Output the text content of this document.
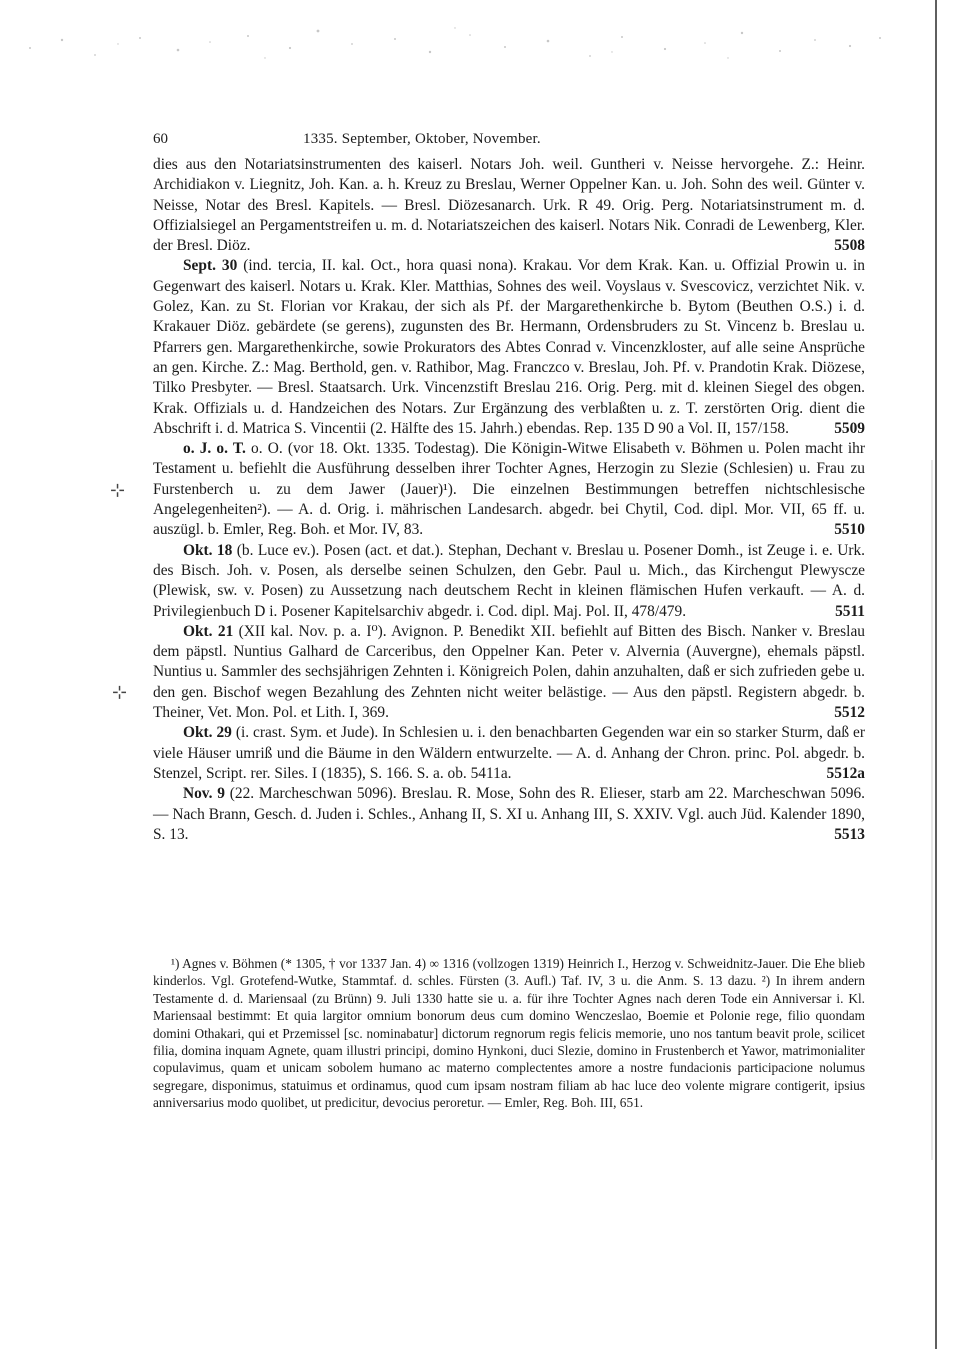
60	1335. September, Oktober, November.
⊹
⊹

dies aus den Notariatsinstrumenten des kaiserl. Notars Joh. weil. Guntheri v. Neisse hervorgehe. Z.: Heinr. Archidiakon v. Liegnitz, Joh. Kan. a. h. Kreuz zu Breslau, Werner Oppelner Kan. u. Joh. Sohn des weil. Günter v. Neisse, Notar des Bresl. Kapitels. — Bresl. Diözesanarch. Urk. R 49. Orig. Perg. Notariatsinstrument m. d. Offizialsiegel an Pergamentstreifen u. m. d. Notariatszeichen des kaiserl. Notars Nik. Conradi de Lewenberg, Kler. der Bresl. Diöz.	5508

Sept. 30 (ind. tercia, II. kal. Oct., hora quasi nona). Krakau. Vor dem Krak. Kan. u. Offizial Prowin u. in Gegenwart des kaiserl. Notars u. Krak. Kler. Matthias, Sohnes des weil. Voyslaus v. Svescovicz, verzichtet Nik. v. Golez, Kan. zu St. Florian vor Krakau, der sich als Pf. der Margarethenkirche b. Bytom (Beuthen O.S.) i. d. Krakauer Diöz. gebärdete (se gerens), zugunsten des Br. Hermann, Ordensbruders zu St. Vincenz b. Breslau u. Pfarrers gen. Margarethenkirche, sowie Prokurators des Abtes Conrad v. Vincenzkloster, auf alle seine Ansprüche an gen. Kirche. Z.: Mag. Berthold, gen. v. Rathibor, Mag. Franczco v. Breslau, Joh. Pf. v. Prandotin Krak. Diözese, Tilko Presbyter. — Bresl. Staatsarch. Urk. Vincenzstift Breslau 216. Orig. Perg. mit d. kleinen Siegel des obgen. Krak. Offizials u. d. Handzeichen des Notars. Zur Ergänzung des verblaßten u. z. T. zerstörten Orig. dient die Abschrift i. d. Matrica S. Vincentii (2. Hälfte des 15. Jahrh.) ebendas. Rep. 135 D 90 a Vol. II, 157/158.	5509

o. J. o. T. o. O. (vor 18. Okt. 1335. Todestag). Die Königin-Witwe Elisabeth v. Böhmen u. Polen macht ihr Testament u. befiehlt die Ausführung desselben ihrer Tochter Agnes, Herzogin zu Slezie (Schlesien) u. Frau zu Furstenberch u. zu dem Jawer (Jauer)¹). Die einzelnen Bestimmungen betreffen nichtschlesische Angelegenheiten²). — A. d. Orig. i. mährischen Landesarch. abgedr. bei Chytil, Cod. dipl. Mor. VII, 65 ff. u. auszügl. b. Emler, Reg. Boh. et Mor. IV, 83.	5510

Okt. 18 (b. Luce ev.). Posen (act. et dat.). Stephan, Dechant v. Breslau u. Posener Domh., ist Zeuge i. e. Urk. des Bisch. Joh. v. Posen, als derselbe seinen Schulzen, den Gebr. Paul u. Mich., das Kirchengut Plewyscze (Plewisk, sw. v. Posen) zu Aussetzung nach deutschem Recht in kleinen flämischen Hufen verkauft. — A. d. Privilegienbuch D i. Posener Kapitelsarchiv abgedr. i. Cod. dipl. Maj. Pol. II, 478/479.	5511

Okt. 21 (XII kal. Nov. p. a. I⁰). Avignon. P. Benedikt XII. befiehlt auf Bitten des Bisch. Nanker v. Breslau dem päpstl. Nuntius Galhard de Carceribus, den Oppelner Kan. Peter v. Alvernia (Auvergne), ehemals päpstl. Nuntius u. Sammler des sechsjährigen Zehnten i. Königreich Polen, dahin anzuhalten, daß er sich zufrieden gebe u. den gen. Bischof wegen Bezahlung des Zehnten nicht weiter belästige. — Aus den päpstl. Registern abgedr. b. Theiner, Vet. Mon. Pol. et Lith. I, 369.	5512

Okt. 29 (i. crast. Sym. et Jude). In Schlesien u. i. den benachbarten Gegenden war ein so starker Sturm, daß er viele Häuser umriß und die Bäume in den Wäldern entwurzelte. — A. d. Anhang der Chron. princ. Pol. abgedr. b. Stenzel, Script. rer. Siles. I (1835), S. 166. S. a. ob. 5411a.	5512a

Nov. 9 (22. Marcheschwan 5096). Breslau. R. Mose, Sohn des R. Elieser, starb am 22. Marcheschwan 5096. — Nach Brann, Gesch. d. Juden i. Schles., Anhang II, S. XI u. Anhang III, S. XXIV. Vgl. auch Jüd. Kalender 1890, S. 13.	5513

¹) Agnes v. Böhmen (* 1305, † vor 1337 Jan. 4) ∞ 1316 (vollzogen 1319) Heinrich I., Herzog v. Schweidnitz-Jauer. Die Ehe blieb kinderlos. Vgl. Grotefend-Wutke, Stammtaf. d. schles. Fürsten (3. Aufl.) Taf. IV, 3 u. die Anm. S. 13 dazu. ²) In ihrem andern Testamente d. d. Mariensaal (zu Brünn) 9. Juli 1330 hatte sie u. a. für ihre Tochter Agnes nach deren Tode ein Anniversar i. Kl. Mariensaal bestimmt: Et quia largitor omnium bonorum deus cum domino Wenczeslao, Boemie et Polonie rege, filio quondam domini Othakari, qui et Przemissel [sc. nominabatur] dictorum regnorum regis felicis memorie, uno nos tantum beavit prole, scilicet filia, domina inquam Agnete, quam illustri principi, domino Hynkoni, duci Slezie, domino in Frustenberch et Yawor, matrimonialiter copulavimus, quam et unicam sobolem humano ac materno complectentes amore a nostre fundacionis participacione nolumus segregare, disponimus, statuimus et ordinamus, quod cum ipsam nostram filiam ab hac luce deo volente migrare contigerit, ipsius anniversarius modo quolibet, ut predicitur, devocius peroretur. — Emler, Reg. Boh. III, 651.
